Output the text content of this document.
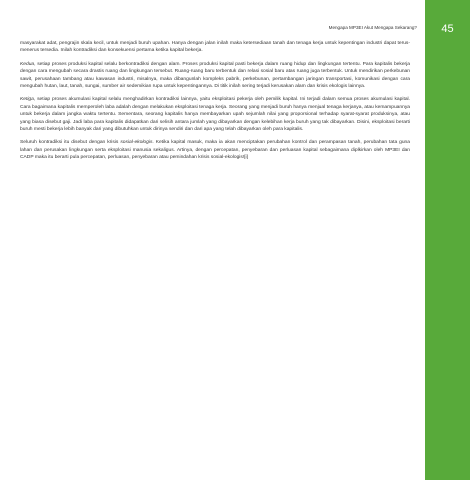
Mengapa MP3EI Akut Mengapa Sekarang?	45

masyarakat adat, pengrajin skala kecil, untuk menjadi buruh upahan. Hanya dengan jalan inilah maka ketersediaan tanah dan tenaga kerja untuk kepentingan industri dapat terus-menerus tersedia. Inilah kontradiksi dan konsekuensi pertama ketika kapital bekerja.

Kedua, setiap proses produksi kapital selalu berkontradiksi dengan alam. Proses produksi kapital pasti bekerja dalam ruang hidup dan lingkungan tertentu. Para kapitalis bekerja dengan cara mengubah secara drastis ruang dan lingkungan tersebut. Ruang-ruang baru terbentuk dan relasi sosial baru atas ruang juga terbentuk. Untuk mendirikan perkebunan sawit, perusahaan tambang atau kawasan industri, misalnya, maka dibangunlah kompleks pabrik, perkebunan, pertambangan jaringan transportasi, komunikasi dengan cara mengubah hutan, laut, tanah, sungai, sumber air sedemikian rupa untuk kepentingannya. Di titik inilah sering terjadi kerusakan alam dan krisis ekologis lainnya.

Ketiga, setiap proses akumulasi kapital selalu menghadirkan kontradiksi lainnya, yaitu eksploitasi pekerja oleh pemilik kapital. Ini terjadi dalam semua proses akumulasi kapital. Cara bagaimana kapitalis memperoleh laba adalah dengan melakukan eksploitasi tenaga kerja. Seorang yang menjadi buruh hanya menjual tenaga kerjanya, atau kemampuannya untuk bekerja dalam jangka waktu tertentu. Sementara, seorang kapitalis hanya membayarkan upah sejumlah nilai yang proporsional terhadap syarat-syarat produksinya, atau yang biasa disebut gaji. Jadi laba para kapitalis didapatkan dari selisih antara jumlah yang dibayarkan dengan kelebihan kerja buruh yang tak dibayarkan. Disini, eksploitasi berarti buruh mesti bekerja lebih banyak dari yang dibutuhkan untuk dirinya sendiri dan dari apa yang telah dibayarkan oleh para kapitalis.

Seluruh kontradiksi itu disebut dengan krisis sosial-ekologis. Ketika kapital masuk, maka ia akan menciptakan perubahan kontrol dan perampasan tanah, perubahan tata guna lahan dan perusakan lingkungan serta eksploitasi manusia sekaligus. Artinya, dengan percepatan, penyebaran dan perluasan kapital sebagaimana diplkirkan oleh MP3EI dan CADP maka itu berarti pula percepatan, perluasan, penyebaran atau pemindahan krisis sosial-ekologis![i]
